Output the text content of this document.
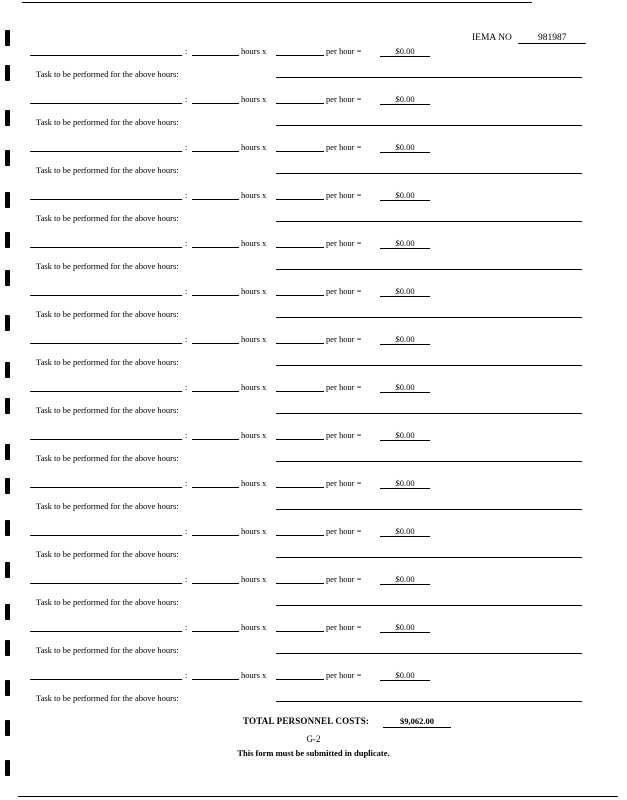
IEMA NO	981987
:	hours x	per hour =	$0.00
Task to be performed for the above hours:
:	hours x	per hour =	$0.00
Task to be performed for the above hours:
:	hours x	per hour =	$0.00
Task to be performed for the above hours:
:	hours x	per hour =	$0.00
Task to be performed for the above hours:
:	hours x	per hour =	$0.00
Task to be performed for the above hours:
:	hours x	per hour =	$0.00
Task to be performed for the above hours:
:	hours x	per hour =	$0.00
Task to be performed for the above hours:
:	hours x	per hour =	$0.00
Task to be performed for the above hours:
:	hours x	per hour =	$0.00
Task to be performed for the above hours:
:	hours x	per hour =	$0.00
Task to be performed for the above hours:
:	hours x	per hour =	$0.00
Task to be performed for the above hours:
:	hours x	per hour =	$0.00
Task to be performed for the above hours:
:	hours x	per hour =	$0.00
Task to be performed for the above hours:
:	hours x	per hour =	$0.00
Task to be performed for the above hours:
TOTAL PERSONNEL COSTS:	$9,062.00
G-2
This form must be submitted in duplicate.
